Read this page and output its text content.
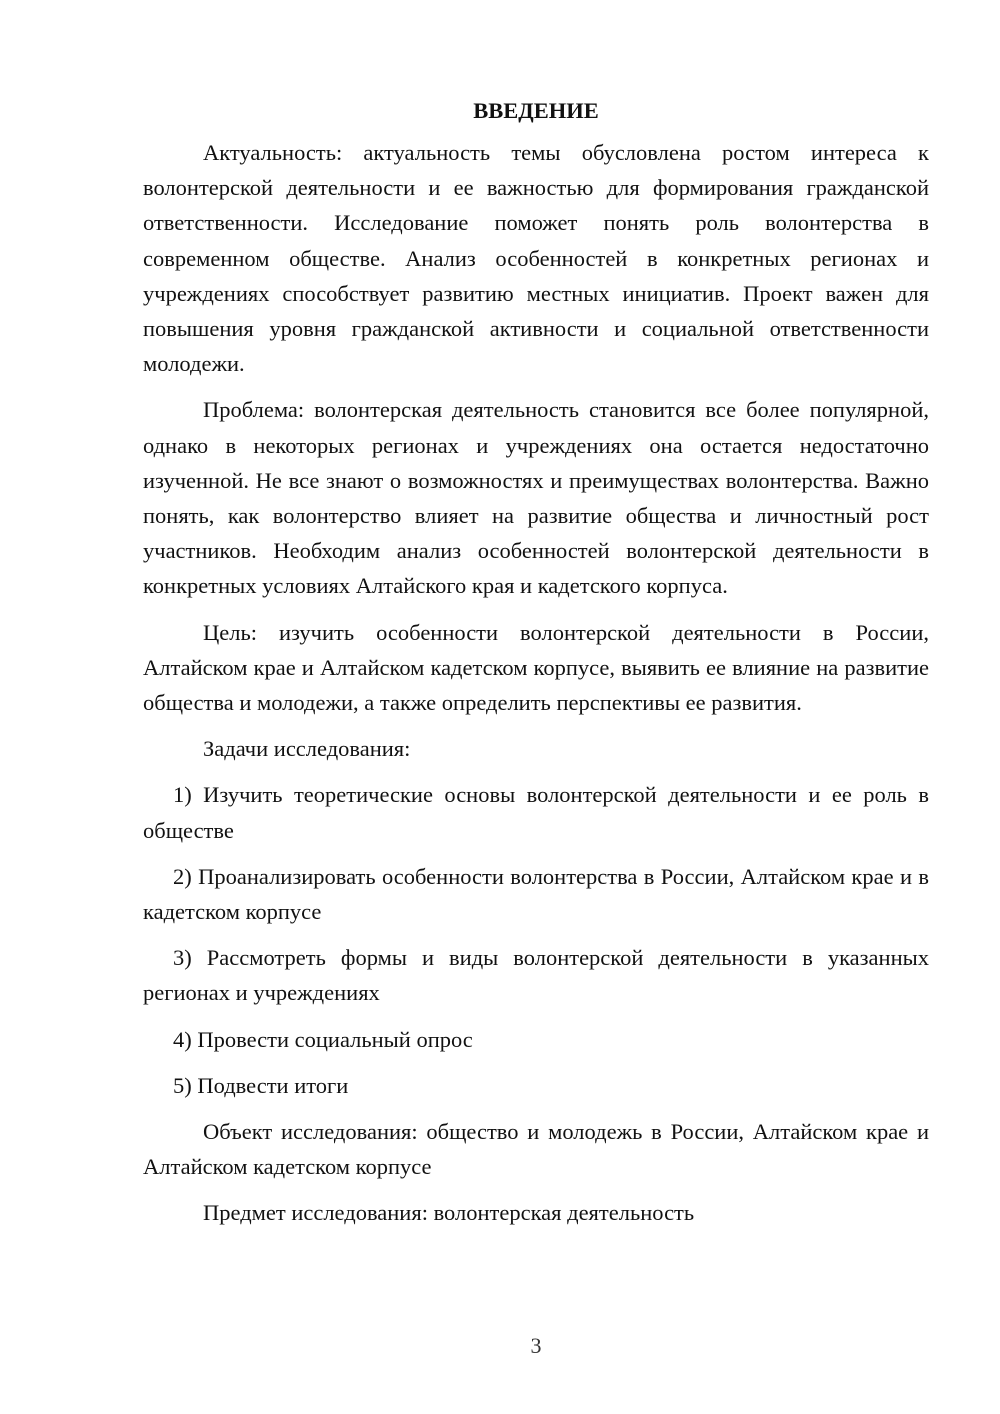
ВВЕДЕНИЕ

Актуальность: актуальность темы обусловлена ростом интереса к волонтерской деятельности и ее важностью для формирования гражданской ответственности. Исследование поможет понять роль волонтерства в современном обществе. Анализ особенностей в конкретных регионах и учреждениях способствует развитию местных инициатив. Проект важен для повышения уровня гражданской активности и социальной ответственности молодежи.

Проблема: волонтерская деятельность становится все более популярной, однако в некоторых регионах и учреждениях она остается недостаточно изученной. Не все знают о возможностях и преимуществах волонтерства. Важно понять, как волонтерство влияет на развитие общества и личностный рост участников. Необходим анализ особенностей волонтерской деятельности в конкретных условиях Алтайского края и кадетского корпуса.

Цель: изучить особенности волонтерской деятельности в России, Алтайском крае и Алтайском кадетском корпусе, выявить ее влияние на развитие общества и молодежи, а также определить перспективы ее развития.

Задачи исследования:

1) Изучить теоретические основы волонтерской деятельности и ее роль в обществе

2) Проанализировать особенности волонтерства в России, Алтайском крае и в кадетском корпусе

3) Рассмотреть формы и виды волонтерской деятельности в указанных регионах и учреждениях

4) Провести социальный опрос

5) Подвести итоги

Объект исследования: общество и молодежь в России, Алтайском крае и Алтайском кадетском корпусе

Предмет исследования: волонтерская деятельность

3
